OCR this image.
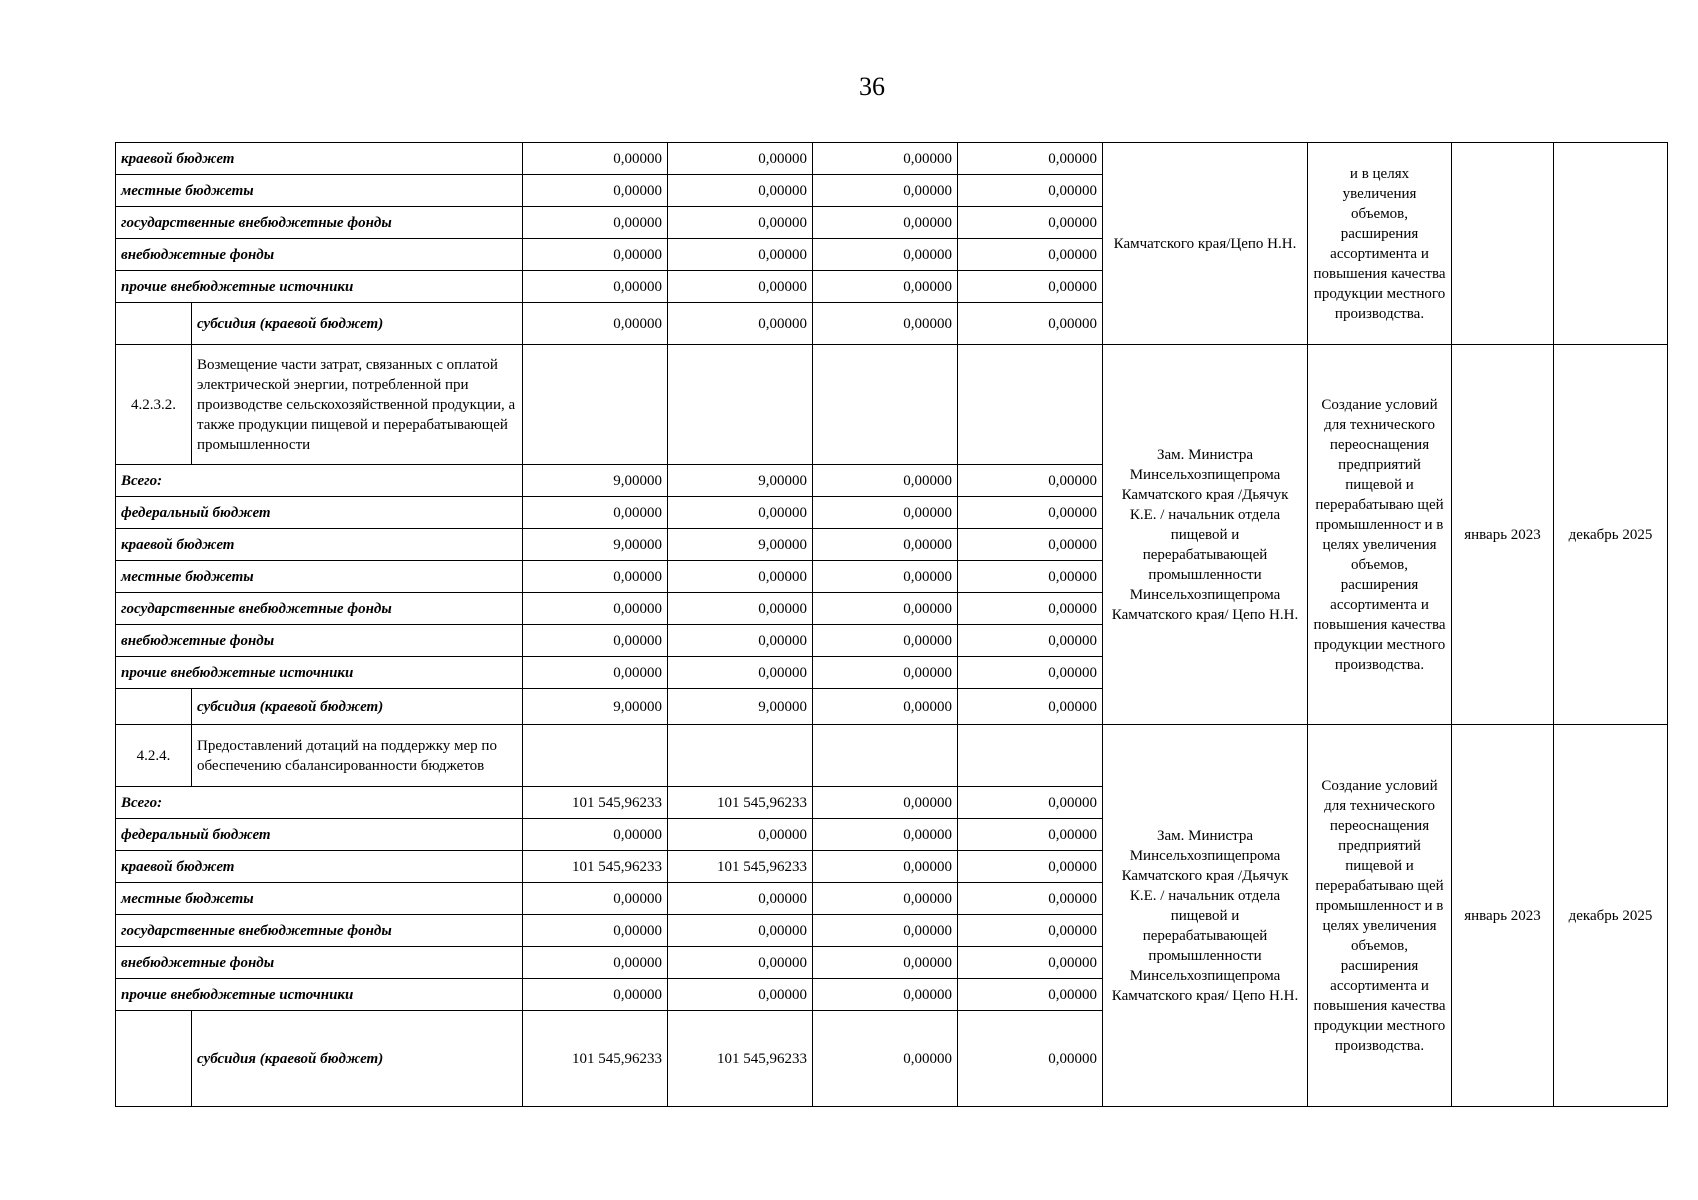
36
краевой бюджет		0,00000	0,00000	0,00000	0,00000	Камчатского края/Цепо Н.Н.	и в целях увеличения объемов, расширения ассортимента и повышения качества продукции местного производства.		
местные бюджеты		0,00000	0,00000	0,00000	0,00000				
государственные внебюджетные фонды		0,00000	0,00000	0,00000	0,00000				
внебюджетные фонды		0,00000	0,00000	0,00000	0,00000				
прочие внебюджетные источники		0,00000	0,00000	0,00000	0,00000				
	субсидия (краевой бюджет)	0,00000	0,00000	0,00000	0,00000				
4.2.3.2.	Возмещение части затрат, связанных с оплатой электрической энергии, потребленной при производстве сельскохозяйственной продукции, а также продукции пищевой и перерабатывающей промышленности					Зам. Министра Минсельхозпищепрома Камчатского края /Дьячук К.Е. / начальник отдела пищевой и перерабатывающей промышленности Минсельхозпищепрома Камчатского края/ Цепо Н.Н.	Создание условий для технического переоснащения предприятий пищевой и перерабатываю щей промышленност и в целях увеличения объемов, расширения ассортимента и повышения качества продукции местного производства.	январь 2023	декабрь 2025
Всего:		9,00000	9,00000	0,00000	0,00000				
федеральный бюджет		0,00000	0,00000	0,00000	0,00000				
краевой бюджет		9,00000	9,00000	0,00000	0,00000				
местные бюджеты		0,00000	0,00000	0,00000	0,00000				
государственные внебюджетные фонды		0,00000	0,00000	0,00000	0,00000				
внебюджетные фонды		0,00000	0,00000	0,00000	0,00000				
прочие внебюджетные источники		0,00000	0,00000	0,00000	0,00000				
	субсидия (краевой бюджет)	9,00000	9,00000	0,00000	0,00000				
4.2.4.	Предоставлений дотаций на поддержку мер по обеспечению сбалансированности бюджетов					Зам. Министра Минсельхозпищепрома Камчатского края /Дьячук К.Е. / начальник отдела пищевой и перерабатывающей промышленности Минсельхозпищепрома Камчатского края/ Цепо Н.Н.	Создание условий для технического переоснащения предприятий пищевой и перерабатываю щей промышленност и в целях увеличения объемов, расширения ассортимента и повышения качества продукции местного производства.	январь 2023	декабрь 2025
Всего:		101 545,96233	101 545,96233	0,00000	0,00000				
федеральный бюджет		0,00000	0,00000	0,00000	0,00000				
краевой бюджет		101 545,96233	101 545,96233	0,00000	0,00000				
местные бюджеты		0,00000	0,00000	0,00000	0,00000				
государственные внебюджетные фонды		0,00000	0,00000	0,00000	0,00000				
внебюджетные фонды		0,00000	0,00000	0,00000	0,00000				
прочие внебюджетные источники		0,00000	0,00000	0,00000	0,00000				
	субсидия (краевой бюджет)	101 545,96233	101 545,96233	0,00000	0,00000				
